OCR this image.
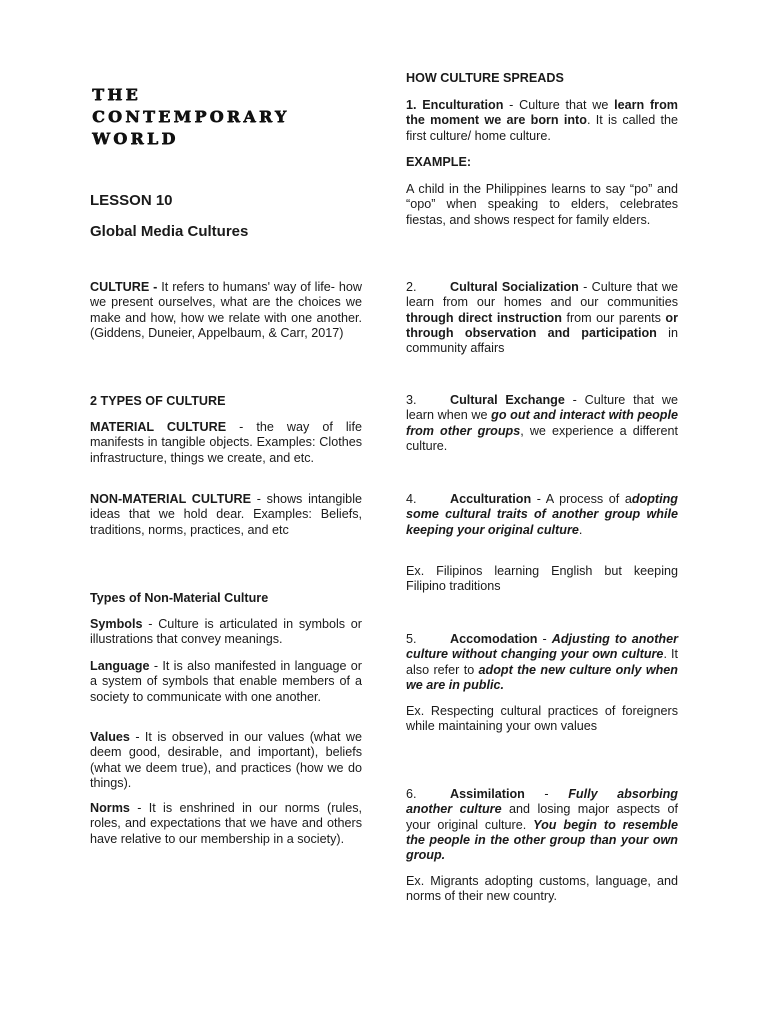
THE
CONTEMPORARY
WORLD
LESSON 10
Global Media Cultures

CULTURE - It refers to humans' way of life- how we present ourselves, what are the choices we make and how, how we relate with one another. (Giddens, Duneier, Appelbaum, & Carr, 2017)

2 TYPES OF CULTURE

MATERIAL CULTURE - the way of life manifests in tangible objects. Examples: Clothes infrastructure, things we create, and etc.

NON-MATERIAL CULTURE - shows intangible ideas that we hold dear. Examples: Beliefs, traditions, norms, practices, and etc

Types of Non-Material Culture

Symbols - Culture is articulated in symbols or illustrations that convey meanings.

Language - It is also manifested in language or a system of symbols that enable members of a society to communicate with one another.

Values - It is observed in our values (what we deem good, desirable, and important), beliefs (what we deem true), and practices (how we do things).

Norms - It is enshrined in our norms (rules, roles, and expectations that we have and others have relative to our membership in a society).

HOW CULTURE SPREADS

1. Enculturation - Culture that we learn from the moment we are born into. It is called the first culture/ home culture.

EXAMPLE:

A child in the Philippines learns to say “po” and “opo” when speaking to elders, celebrates fiestas, and shows respect for family elders.

2.	Cultural Socialization - Culture that we learn from our homes and our communities through direct instruction from our parents or through observation and participation in community affairs

3.	Cultural Exchange - Culture that we learn when we go out and interact with people from other groups, we experience a different culture.

4.	Acculturation - A process of adopting some cultural traits of another group while keeping your original culture.

Ex. Filipinos learning English but keeping Filipino traditions

5.	Accomodation - Adjusting to another culture without changing your own culture. It also refer to adopt the new culture only when we are in public.

Ex. Respecting cultural practices of foreigners while maintaining your own values

6.	Assimilation - Fully absorbing another culture and losing major aspects of your original culture. You begin to resemble the people in the other group than your own group.

Ex. Migrants adopting customs, language, and norms of their new country.
